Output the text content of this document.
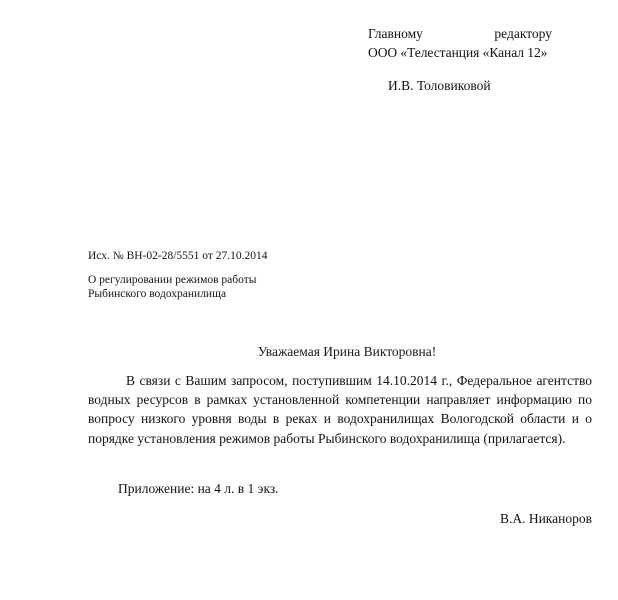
Главному	редактору
ООО «Телестанция «Канал 12»
И.В. Толовиковой
Исх. № ВН-02-28/5551 от 27.10.2014
О регулировании режимов работы
Рыбинского водохранилища
Уважаемая Ирина Викторовна!
В связи с Вашим запросом, поступившим 14.10.2014 г., Федеральное агентство водных ресурсов в рамках установленной компетенции направляет информацию по вопросу низкого уровня воды в реках и водохранилищах Вологодской области и о порядке установления режимов работы Рыбинского водохранилища (прилагается).
Приложение: на 4 л. в 1 экз.
В.А. Никаноров
